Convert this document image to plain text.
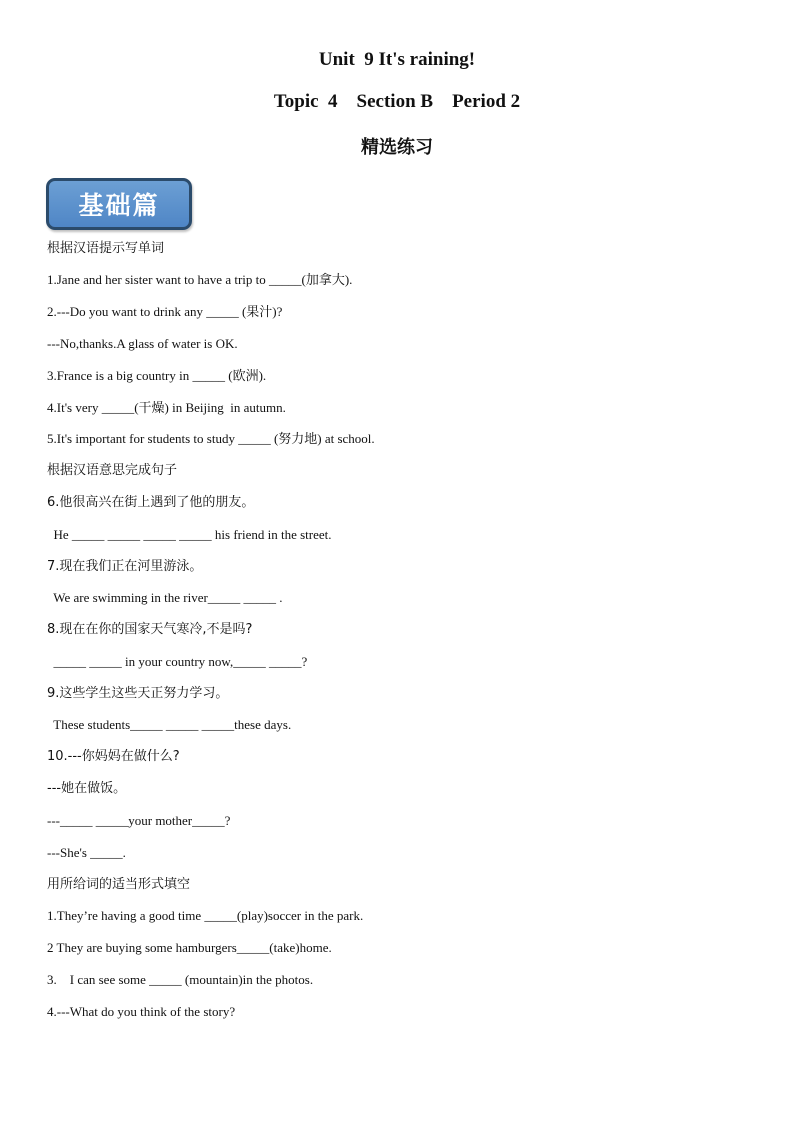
Unit  9 It's raining!
Topic  4    Section B    Period 2
精选练习
基础篇

根据汉语提示写单词

1.Jane and her sister want to have a trip to _____(加拿大).

2.---Do you want to drink any _____ (果汁)?

---No,thanks.A glass of water is OK.

3.France is a big country in _____ (欧洲).

4.It's very _____(干燥) in Beijing  in autumn.

5.It's important for students to study _____ (努力地) at school.

根据汉语意思完成句子

6.他很高兴在街上遇到了他的朋友。

He _____ _____ _____ _____ his friend in the street.

7.现在我们正在河里游泳。

We are swimming in the river_____ _____ .

8.现在在你的国家天气寒冷,不是吗?

_____ _____ in your country now,_____ _____?

9.这些学生这些天正努力学习。

These students_____ _____ _____these days.

10.---你妈妈在做什么?

---她在做饭。

---_____ _____your mother_____?

---She's _____.

用所给词的适当形式填空

1.They’re having a good time _____(play)soccer in the park.

2 They are buying some hamburgers_____(take)home.

3.    I can see some _____ (mountain)in the photos.

4.---What do you think of the story?
